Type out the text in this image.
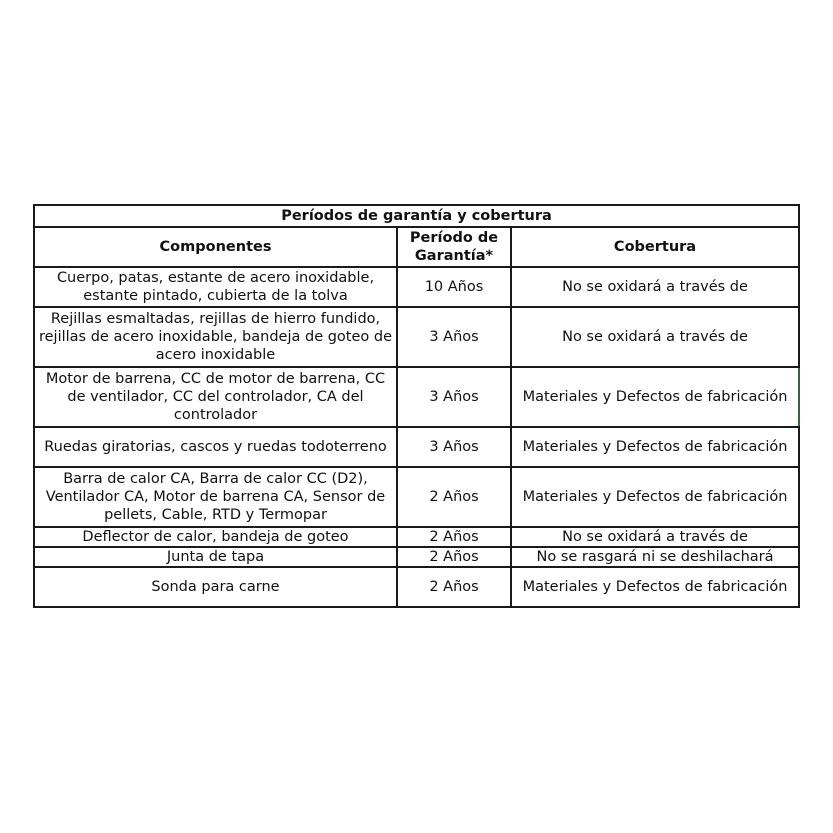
Períodos de garantía y cobertura		
Componentes	Período de Garantía*	Cobertura
Cuerpo, patas, estante de acero inoxidable, estante pintado, cubierta de la tolva	10 Años	No se oxidará a través de
Rejillas esmaltadas, rejillas de hierro fundido, rejillas de acero inoxidable, bandeja de goteo de acero inoxidable	3 Años	No se oxidará a través de
Motor de barrena, CC de motor de barrena, CC de ventilador, CC del controlador, CA del controlador	3 Años	Materiales y Defectos de fabricación
Ruedas giratorias, cascos y ruedas todoterreno	3 Años	Materiales y Defectos de fabricación
Barra de calor CA, Barra de calor CC (D2), Ventilador CA, Motor de barrena CA, Sensor de pellets, Cable, RTD y Termopar	2 Años	Materiales y Defectos de fabricación
Deflector de calor, bandeja de goteo	2 Años	No se oxidará a través de
Junta de tapa	2 Años	No se rasgará ni se deshilachará
Sonda para carne	2 Años	Materiales y Defectos de fabricación
